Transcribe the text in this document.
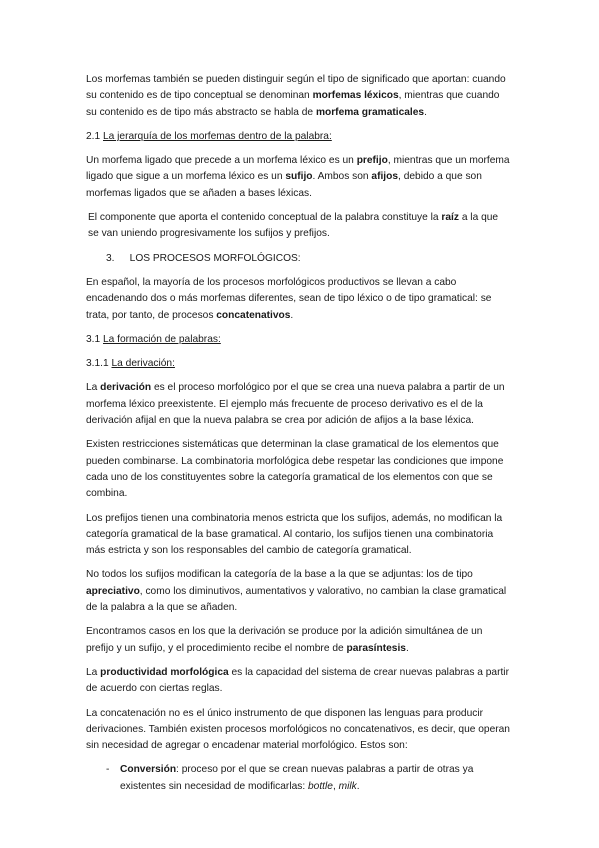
Los morfemas también se pueden distinguir según el tipo de significado que aportan: cuando su contenido es de tipo conceptual se denominan morfemas léxicos, mientras que cuando su contenido es de tipo más abstracto se habla de morfema gramaticales.

2.1 La jerarquía de los morfemas dentro de la palabra:

Un morfema ligado que precede a un morfema léxico es un prefijo, mientras que un morfema ligado que sigue a un morfema léxico es un sufijo. Ambos son afijos, debido a que son morfemas ligados que se añaden a bases léxicas.

El componente que aporta el contenido conceptual de la palabra constituye la raíz a la que se van uniendo progresivamente los sufijos y prefijos.

3. LOS PROCESOS MORFOLÓGICOS:

En español, la mayoría de los procesos morfológicos productivos se llevan a cabo encadenando dos o más morfemas diferentes, sean de tipo léxico o de tipo gramatical: se trata, por tanto, de procesos concatenativos.

3.1 La formación de palabras:

3.1.1 La derivación:

La derivación es el proceso morfológico por el que se crea una nueva palabra a partir de un morfema léxico preexistente. El ejemplo más frecuente de proceso derivativo es el de la derivación afijal en que la nueva palabra se crea por adición de afijos a la base léxica.

Existen restricciones sistemáticas que determinan la clase gramatical de los elementos que pueden combinarse. La combinatoria morfológica debe respetar las condiciones que impone cada uno de los constituyentes sobre la categoría gramatical de los elementos con que se combina.

Los prefijos tienen una combinatoria menos estricta que los sufijos, además, no modifican la categoría gramatical de la base gramatical. Al contario, los sufijos tienen una combinatoria más estricta y son los responsables del cambio de categoría gramatical.

No todos los sufijos modifican la categoría de la base a la que se adjuntas: los de tipo apreciativo, como los diminutivos, aumentativos y valorativo, no cambian la clase gramatical de la palabra a la que se añaden.

Encontramos casos en los que la derivación se produce por la adición simultánea de un prefijo y un sufijo, y el procedimiento recibe el nombre de parasíntesis.

La productividad morfológica es la capacidad del sistema de crear nuevas palabras a partir de acuerdo con ciertas reglas.

La concatenación no es el único instrumento de que disponen las lenguas para producir derivaciones. También existen procesos morfológicos no concatenativos, es decir, que operan sin necesidad de agregar o encadenar material morfológico. Estos son:

- Conversión: proceso por el que se crean nuevas palabras a partir de otras ya existentes sin necesidad de modificarlas: bottle, milk.
